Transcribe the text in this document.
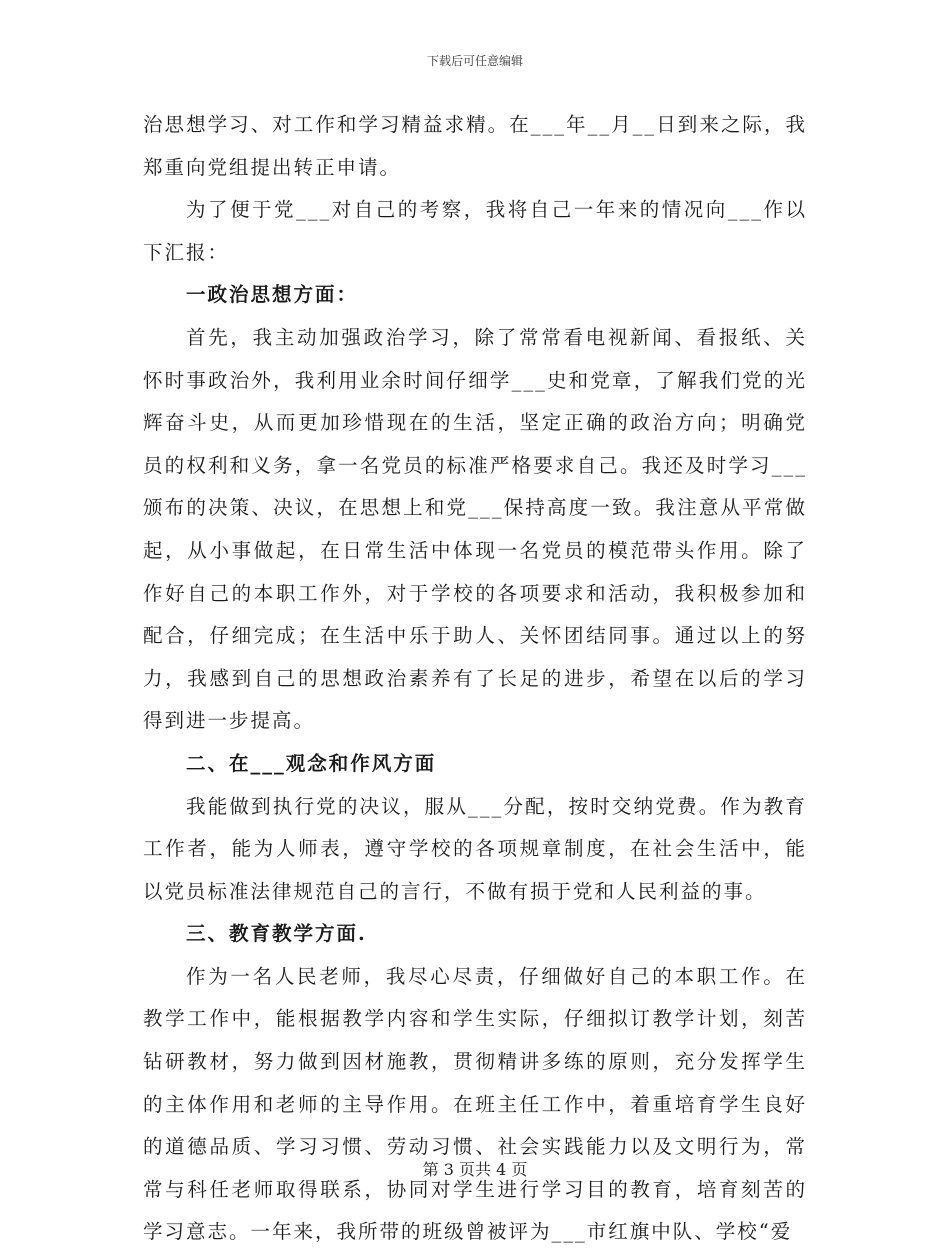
下载后可任意编辑

治思想学习、对工作和学习精益求精。在___年__月__日到来之际，我郑重向党组提出转正申请。

为了便于党___对自己的考察，我将自己一年来的情况向___作以下汇报：

一政治思想方面：

首先，我主动加强政治学习，除了常常看电视新闻、看报纸、关怀时事政治外，我利用业余时间仔细学___史和党章，了解我们党的光辉奋斗史，从而更加珍惜现在的生活，坚定正确的政治方向；明确党员的权利和义务，拿一名党员的标准严格要求自己。我还及时学习___颁布的决策、决议，在思想上和党___保持高度一致。我注意从平常做起，从小事做起，在日常生活中体现一名党员的模范带头作用。除了作好自己的本职工作外，对于学校的各项要求和活动，我积极参加和配合，仔细完成；在生活中乐于助人、关怀团结同事。通过以上的努力，我感到自己的思想政治素养有了长足的进步，希望在以后的学习得到进一步提高。

二、在___观念和作风方面

我能做到执行党的决议，服从___分配，按时交纳党费。作为教育工作者，能为人师表，遵守学校的各项规章制度，在社会生活中，能以党员标准法律规范自己的言行，不做有损于党和人民利益的事。

三、教育教学方面.

作为一名人民老师，我尽心尽责，仔细做好自己的本职工作。在教学工作中，能根据教学内容和学生实际，仔细拟订教学计划，刻苦钻研教材，努力做到因材施教，贯彻精讲多练的原则，充分发挥学生的主体作用和老师的主导作用。在班主任工作中，着重培育学生良好的道德品质、学习习惯、劳动习惯、社会实践能力以及文明行为，常常与科任老师取得联系，协同对学生进行学习目的教育，培育刻苦的学习意志。一年来，我所带的班级曾被评为___市红旗中队、学校“爱

第 3 页共 4 页
